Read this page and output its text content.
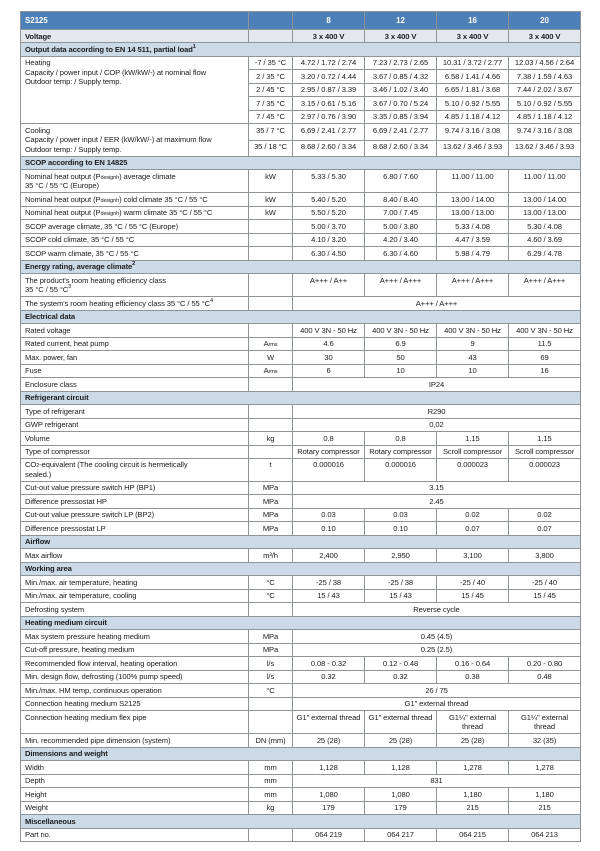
S2125		8	12	16	20
Voltage		3 x 400 V	3 x 400 V	3 x 400 V	3 x 400 V

Output data according to EN 14 511, partial load$^1$

Heating
Capacity / power input / COP (kW/kW/-) at nominal flow
Outdoor temp: / Supply temp.	-7 / 35 °C	4.72 / 1.72 / 2.74	7.23 / 2.73 / 2.65	10.31 / 3.72 / 2.77	12.03 / 4.56 / 2.64
	2 / 35 °C	3.20 / 0.72 / 4.44	3.67 / 0.85 / 4.32	6.58 / 1.41 / 4.66	7.38 / 1.59 / 4.63
	2 / 45 °C	2.95 / 0.87 / 3.39	3.46 / 1.02 / 3.40	6.65 / 1.81 / 3.68	7.44 / 2.02 / 3.67
	7 / 35 °C	3.15 / 0.61 / 5.16	3.67 / 0.70 / 5.24	5.10 / 0.92 / 5.55	5.10 / 0.92 / 5.55
	7 / 45 °C	2.97 / 0.76 / 3.90	3.35 / 0.85 / 3.94	4.85 / 1.18 / 4.12	4.85 / 1.18 / 4.12

Cooling
Capacity / power input / EER (kW/kW/-) at maximum flow
Outdoor temp: / Supply temp.	35 / 7 °C	6.69 / 2.41 / 2.77	6.69 / 2.41 / 2.77	9.74 / 3.16 / 3.08	9.74 / 3.16 / 3.08
	35 / 18 °C	8.68 / 2.60 / 3.34	8.68 / 2.60 / 3.34	13.62 / 3.46 / 3.93	13.62 / 3.46 / 3.93
SCOP according to EN 14825					

Nominal heat output (Pdesignh) average climate
35 °C / 55 °C (Europe)	kW	5.33 / 5.30	6.80 / 7.60	11.00 / 11.00	11.00 / 11.00

Nominal heat output (Pdesignh) cold climate 35 °C / 55 °C	kW	5.40 / 5.20	8.40 / 8.40	13.00 / 14.00	13.00 / 14.00

Nominal heat output (Pdesignh) warm climate 35 °C / 55 °C	kW	5.50 / 5.20	7.00 / 7.45	13.00 / 13.00	13.00 / 13.00
SCOP average climate, 35 °C / 55 °C (Europe)		5.00 / 3.70	5.00 / 3.80	5.33 / 4.08	5.30 / 4.08
SCOP cold climate, 35 °C / 55 °C		4.10 / 3.20	4.20 / 3.40	4.47 / 3.59	4.60 / 3.69
SCOP warm climate, 35 °C / 55 °C		6.30 / 4.50	6.30 / 4.60	5.98 / 4.79	6.29 / 4.78

Energy rating, average climate$^2$

The product's room heating efficiency class
35 °C / 55 $^\circ C^3$		A+++ / A++	A+++ / A+++	A+++ / A+++	A+++ / A+++

The system's room heating efficiency class 35 °C / 55 $^\circ C^4$		A+++ / A+++			
Electrical data					
Rated voltage		400 V 3N - 50 Hz	400 V 3N - 50 Hz	400 V 3N - 50 Hz	400 V 3N - 50 Hz
Rated current, heat pump	Arms	4.6	6.9	9	11.5
Max. power, fan	W	30	50	43	69
Fuse	Arms	6	10	10	16
Enclosure class		IP24			
Refrigerant circuit					
Type of refrigerant		R290			
GWP refrigerant		0,02			
Volume	kg	0.8	0.8	1.15	1.15
Type of compressor		Rotary compressor	Rotary compressor	Scroll compressor	Scroll compressor

CO2-equivalent (The cooling circuit is hermetically
sealed.)	t	0.000016	0.000016	0.000023	0.000023
Cut-out value pressure switch HP (BP1)	MPa	3.15			
Difference pressostat HP	MPa	2.45			
Cut-out value pressure switch LP (BP2)	MPa	0.03	0.03	0.02	0.02
Difference pressostat LP	MPa	0.10	0.10	0.07	0.07
Airflow					
Max airflow	m³/h	2,400	2,950	3,100	3,800
Working area					
Min./max. air temperature, heating	°C	-25 / 38	-25 / 38	-25 / 40	-25 / 40
Min./max. air temperature, cooling	°C	15 / 43	15 / 43	15 / 45	15 / 45
Defrosting system		Reverse cycle			
Heating medium circuit					
Max system pressure heating medium	MPa	0.45 (4.5)			
Cut-off pressure, heating medium	MPa	0.25 (2.5)			
Recommended flow interval, heating operation	l/s	0.08 - 0.32	0.12 - 0.48	0.16 - 0.64	0.20 - 0.80
Min. design flow, defrosting (100% pump speed)	l/s	0.32	0.32	0.38	0.48
Min./max. HM temp, continuous operation	°C	26 / 75			
Connection heating medium S2125		G1" external thread			
Connection heating medium flex pipe		G1" external thread	G1" external thread	G1¼" external thread	G1¼" external thread
Min. recommended pipe dimension (system)	DN (mm)	25 (28)	25 (28)	25 (28)	32 (35)
Dimensions and weight					
Width	mm	1,128	1,128	1,278	1,278
Depth	mm	831			
Height	mm	1,080	1,080	1,180	1,180
Weight	kg	179	179	215	215
Miscellaneous					
Part no.		064 219	064 217	064 215	064 213
